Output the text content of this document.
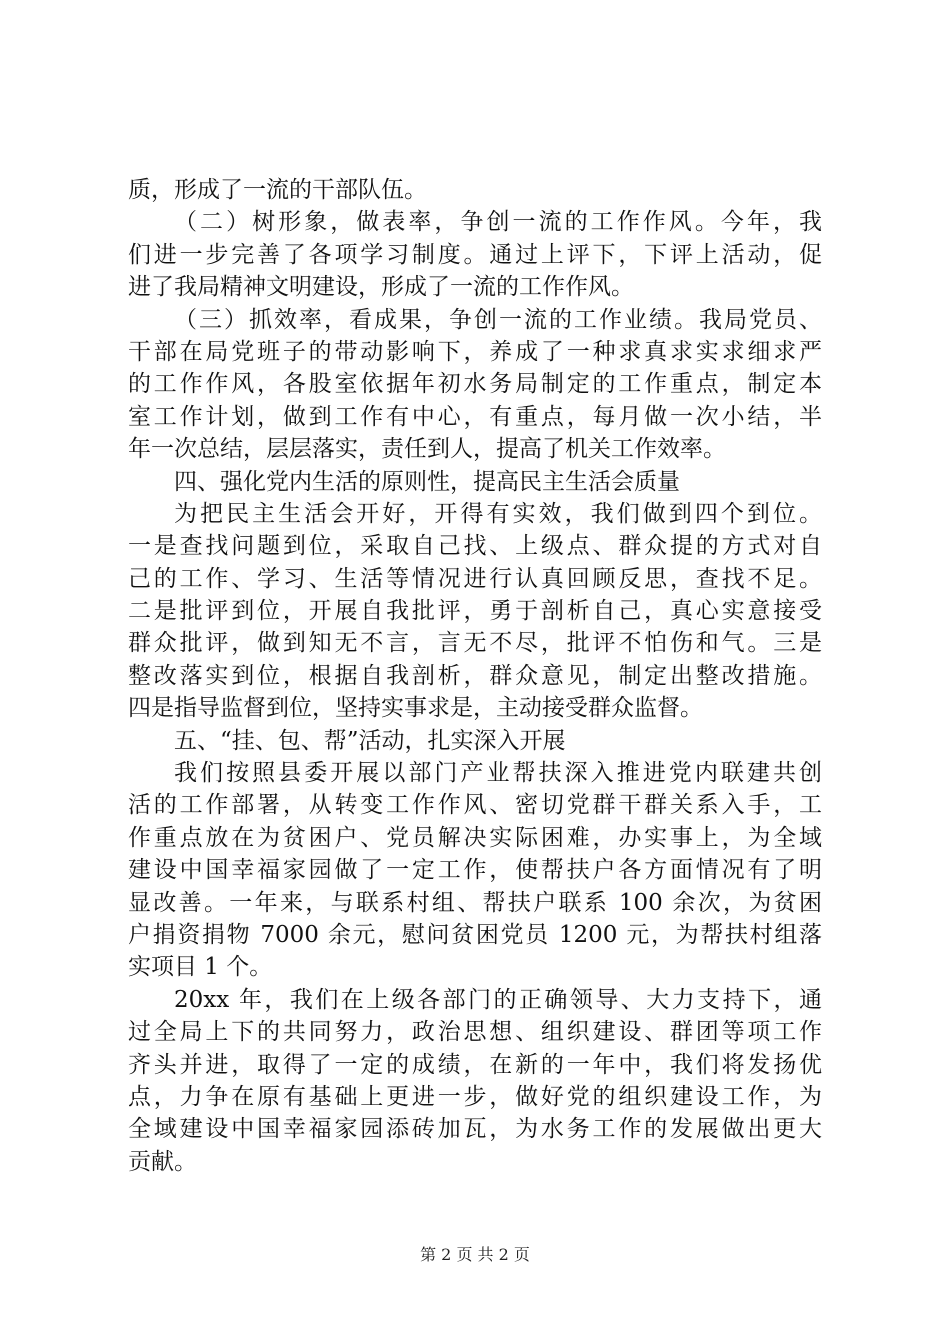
质，形成了一流的干部队伍。
（二）树形象，做表率，争创一流的工作作风。今年，我
们进一步完善了各项学习制度。通过上评下，下评上活动，促
进了我局精神文明建设，形成了一流的工作作风。
（三）抓效率，看成果，争创一流的工作业绩。我局党员、
干部在局党班子的带动影响下，养成了一种求真求实求细求严
的工作作风，各股室依据年初水务局制定的工作重点，制定本
室工作计划，做到工作有中心，有重点，每月做一次小结，半
年一次总结，层层落实，责任到人，提高了机关工作效率。
四、强化党内生活的原则性，提高民主生活会质量
为把民主生活会开好，开得有实效，我们做到四个到位。
一是查找问题到位，采取自己找、上级点、群众提的方式对自
己的工作、学习、生活等情况进行认真回顾反思，查找不足。
二是批评到位，开展自我批评，勇于剖析自己，真心实意接受
群众批评，做到知无不言，言无不尽，批评不怕伤和气。三是
整改落实到位，根据自我剖析，群众意见，制定出整改措施。
四是指导监督到位，坚持实事求是，主动接受群众监督。
五、“挂、包、帮”活动，扎实深入开展
我们按照县委开展以部门产业帮扶深入推进党内联建共创
活的工作部署，从转变工作作风、密切党群干群关系入手，工
作重点放在为贫困户、党员解决实际困难，办实事上，为全域
建设中国幸福家园做了一定工作，使帮扶户各方面情况有了明
显改善。一年来，与联系村组、帮扶户联系 100 余次，为贫困
户捐资捐物 7000 余元，慰问贫困党员 1200 元，为帮扶村组落
实项目 1 个。
20xx 年，我们在上级各部门的正确领导、大力支持下，通
过全局上下的共同努力，政治思想、组织建设、群团等项工作
齐头并进，取得了一定的成绩，在新的一年中，我们将发扬优
点，力争在原有基础上更进一步，做好党的组织建设工作，为
全域建设中国幸福家园添砖加瓦，为水务工作的发展做出更大
贡献。
第 2 页 共 2 页
